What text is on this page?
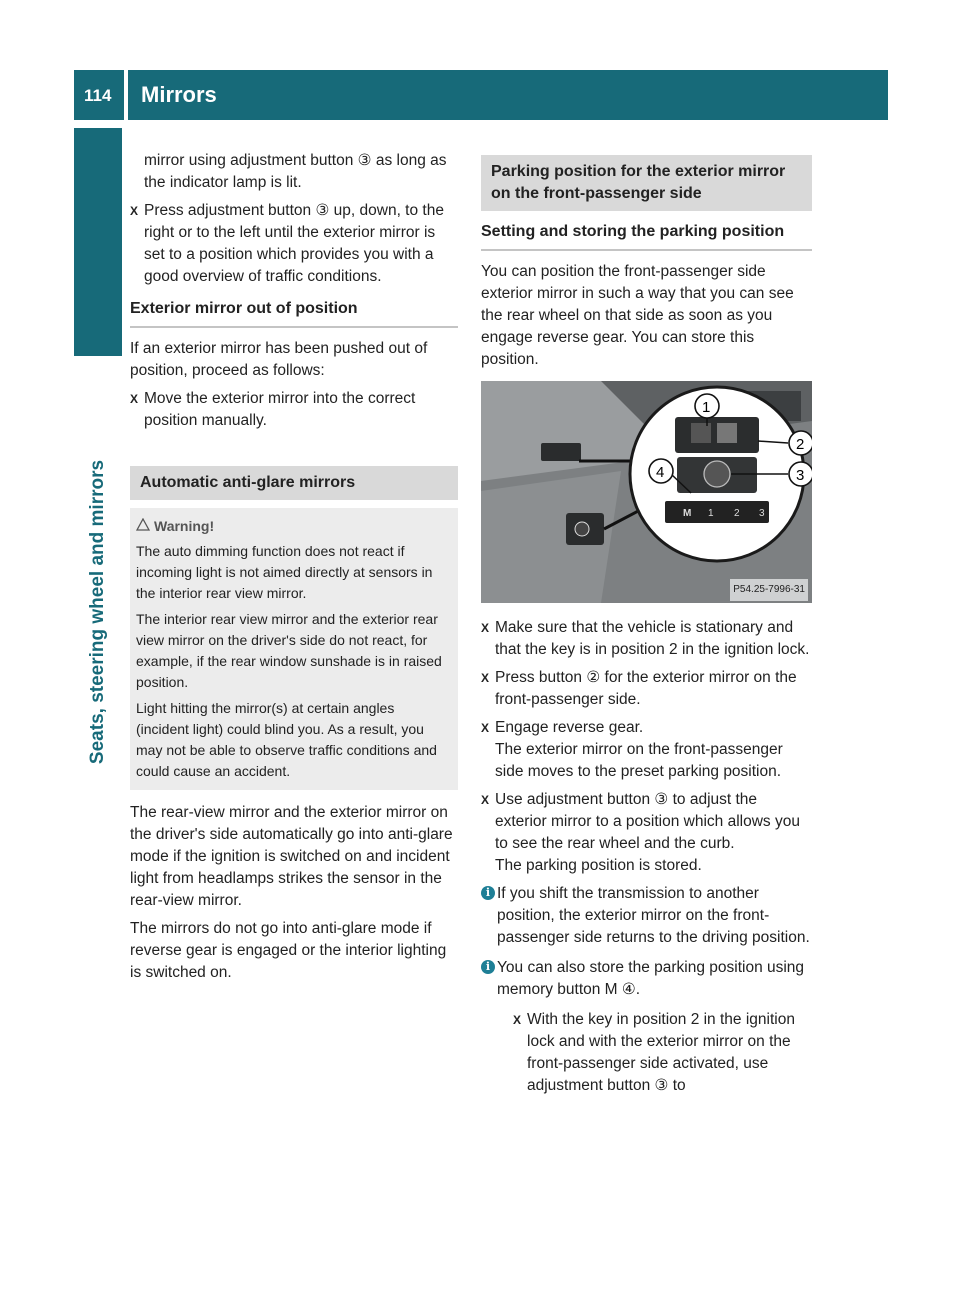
114	Mirrors
Seats, steering wheel and mirrors

mirror using adjustment button ③ as long as the indicator lamp is lit.

X Press adjustment button ③ up, down, to the right or to the left until the exterior mirror is set to a position which provides you with a good overview of traffic conditions.
Exterior mirror out of position

If an exterior mirror has been pushed out of position, proceed as follows:

X Move the exterior mirror into the correct position manually.
Automatic anti-glare mirrors
Warning!

The auto dimming function does not react if incoming light is not aimed directly at sensors in the interior rear view mirror.

The interior rear view mirror and the exterior rear view mirror on the driver's side do not react, for example, if the rear window sunshade is in raised position.

Light hitting the mirror(s) at certain angles (incident light) could blind you. As a result, you may not be able to observe traffic conditions and could cause an accident.

The rear-view mirror and the exterior mirror on the driver's side automatically go into anti-glare mode if the ignition is switched on and incident light from headlamps strikes the sensor in the rear-view mirror.

The mirrors do not go into anti-glare mode if reverse gear is engaged or the interior lighting is switched on.

Parking position for the exterior mirror on the front-passenger side
Setting and storing the parking position

You can position the front-passenger side exterior mirror in such a way that you can see the rear wheel on that side as soon as you engage reverse gear. You can store this position.

M 1 2 3
1
2
3
4
P54.25-7996-31
X Make sure that the vehicle is stationary and that the key is in position 2 in the ignition lock.
X Press button ② for the exterior mirror on the front-passenger side.
X Engage reverse gear.
The exterior mirror on the front-passenger side moves to the preset parking position.
X Use adjustment button ③ to adjust the exterior mirror to a position which allows you to see the rear wheel and the curb.
The parking position is stored.
i If you shift the transmission to another position, the exterior mirror on the front-passenger side returns to the driving position.
i You can also store the parking position using memory button M ④.
X With the key in position 2 in the ignition lock and with the exterior mirror on the front-passenger side activated, use adjustment button ③ to
